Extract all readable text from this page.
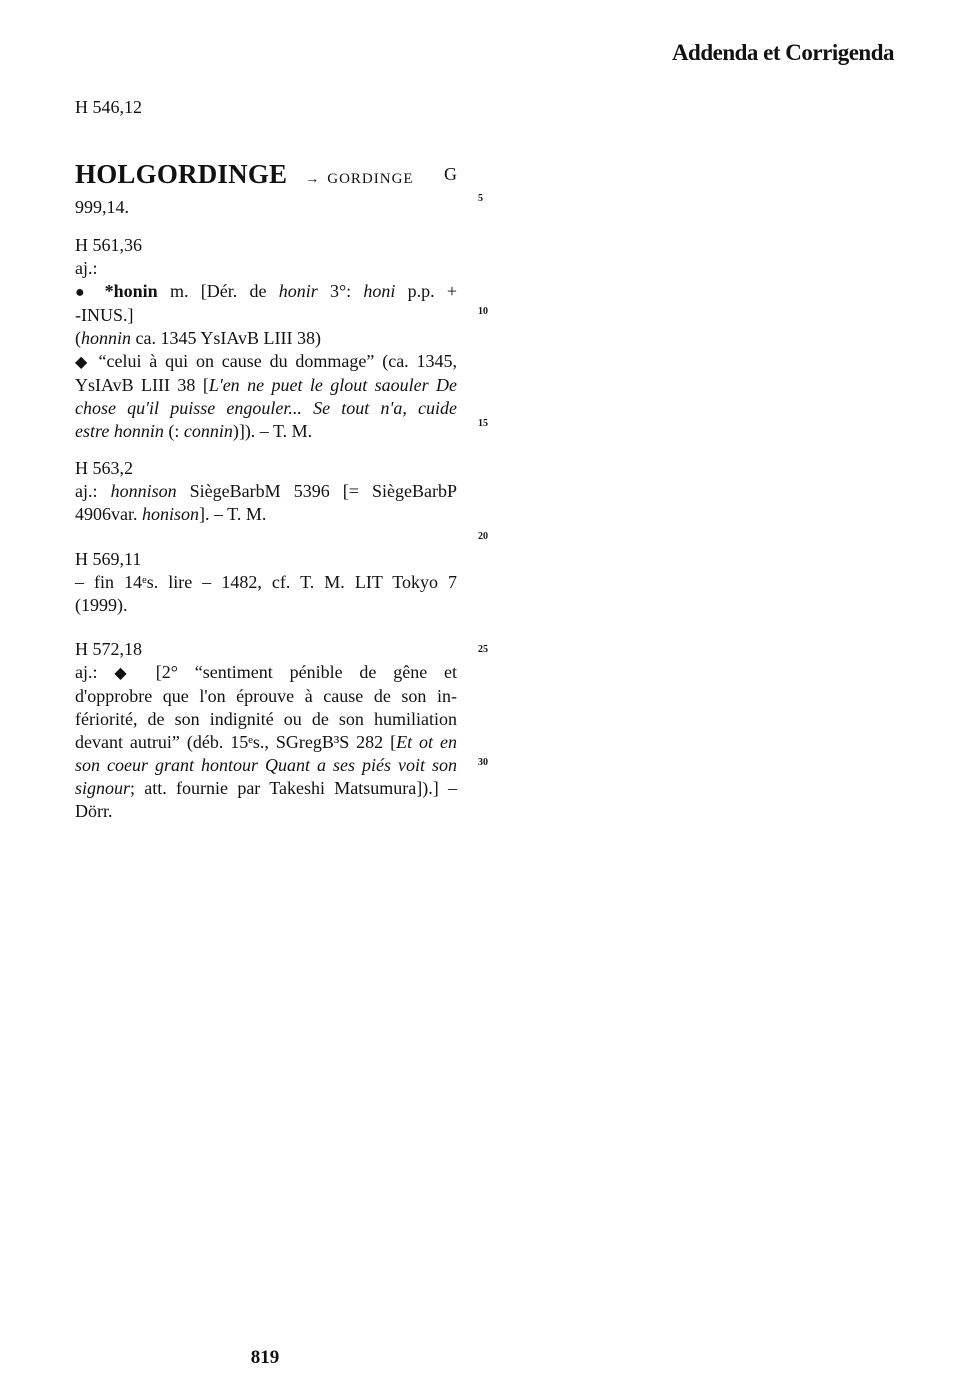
Addenda et Corrigenda
H 546,12
HOLGORDINGE → GORDINGE G
999,14.
H 561,36
aj.:
● *honin m. [Dér. de honir 3°: honi p.p. +
-INUS.]
(honnin ca. 1345 YsIAvB LIII 38)
◆ “celui à qui on cause du dommage” (ca. 1345,
YsIAvB LIII 38 [L'en ne puet le glout saouler De
chose qu'il puisse engouler... Se tout n'a, cuide
estre honnin (: connin)]). – T. M.
H 563,2
aj.: honnison SiègeBarbM 5396 [= SiègeBarbP
4906var. honison]. – T. M.
H 569,11
– fin 14ᵉs. lire – 1482, cf. T. M. LIT Tokyo 7
(1999).
H 572,18
aj.: ◆ [2° “sentiment pénible de gêne et
d'opprobre que l'on éprouve à cause de son in-
fériorité, de son indignité ou de son humiliation
devant autrui” (déb. 15ᵉs., SGregB³S 282 [Et ot en
son coeur grant hontour Quant a ses piés voit son
signour; att. fournie par Takeshi Matsumura]).] –
Dörr.
5
10
15
20
25
30
819
